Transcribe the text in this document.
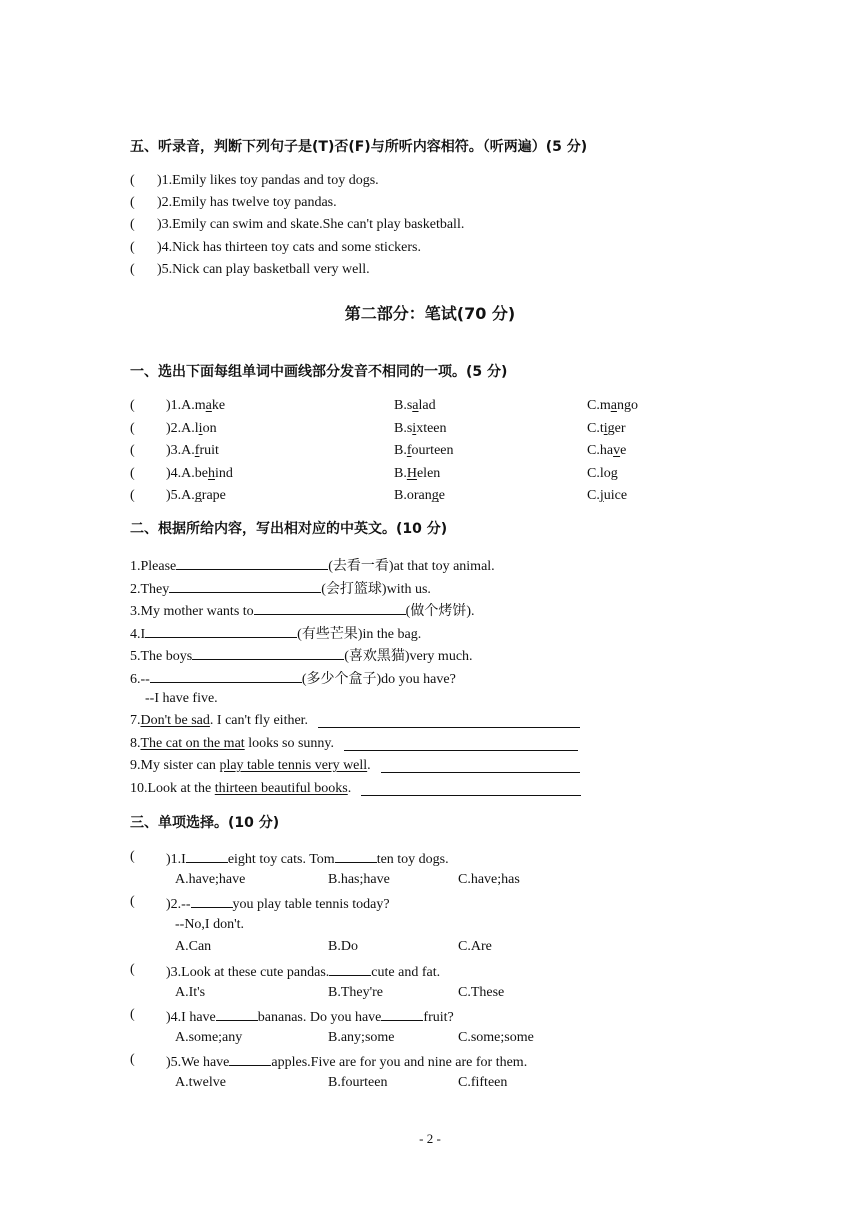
五、听录音，判断下列句子是(T)否(F)与所听内容相符。（听两遍）(5 分)
( )1.Emily likes toy pandas and toy dogs.
( )2.Emily has twelve toy pandas.
( )3.Emily can swim and skate.She can't play basketball.
( )4.Nick has thirteen toy cats and some stickers.
( )5.Nick can play basketball very well.
第二部分：笔试(70 分)
一、选出下面每组单词中画线部分发音不相同的一项。(5 分)
( )1.A.make	B.salad	C.mango
( )2.A.lion	B.sixteen	C.tiger
( )3.A.fruit	B.fourteen	C.have
( )4.A.behind	B.Helen	C.log
( )5.A.grape	B.orange	C.juice
二、根据所给内容，写出相对应的中英文。(10 分)
1.Please	(去看一看)at that toy animal.
2.They	(会打篮球)with us.
3.My mother wants to	(做个烤饼).
4.I	(有些芒果)in the bag.
5.The boys	(喜欢黑猫)very much.
6.--	(多少个盒子)do you have?
--I have five.
7.Don't be sad. I can't fly either.
8.The cat on the mat looks so sunny.
9.My sister can play table tennis very well.
10.Look at the thirteen beautiful books.
三、单项选择。(10 分)
( )1.I	eight toy cats. Tom	ten toy dogs.
A.have;have	B.has;have	C.have;has
( )2.--	you play table tennis today?
--No,I don't.
A.Can	B.Do	C.Are
( )3.Look at these cute pandas.	cute and fat.
A.It's	B.They're	C.These
( )4.I have	bananas. Do you have	fruit?
A.some;any	B.any;some	C.some;some
( )5.We have	apples.Five are for you and nine are for them.
A.twelve	B.fourteen	C.fifteen
- 2 -
